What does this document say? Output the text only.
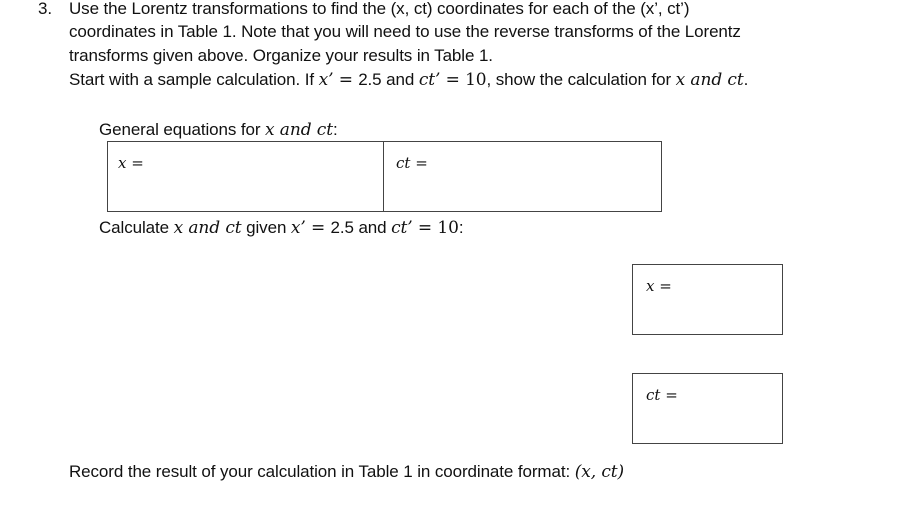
3. Use the Lorentz transformations to find the (x, ct) coordinates for each of the (x’, ct’)
coordinates in Table 1. Note that you will need to use the reverse transforms of the Lorentz
transforms given above. Organize your results in Table 1.
Start with a sample calculation. If x’ = 2.5 and ct’ = 10, show the calculation for x and ct.
General equations for x and ct:
x =	ct =
Calculate x and ct given x’ = 2.5 and ct’ = 10:
x =
ct =
Record the result of your calculation in Table 1 in coordinate format: (x, ct)
